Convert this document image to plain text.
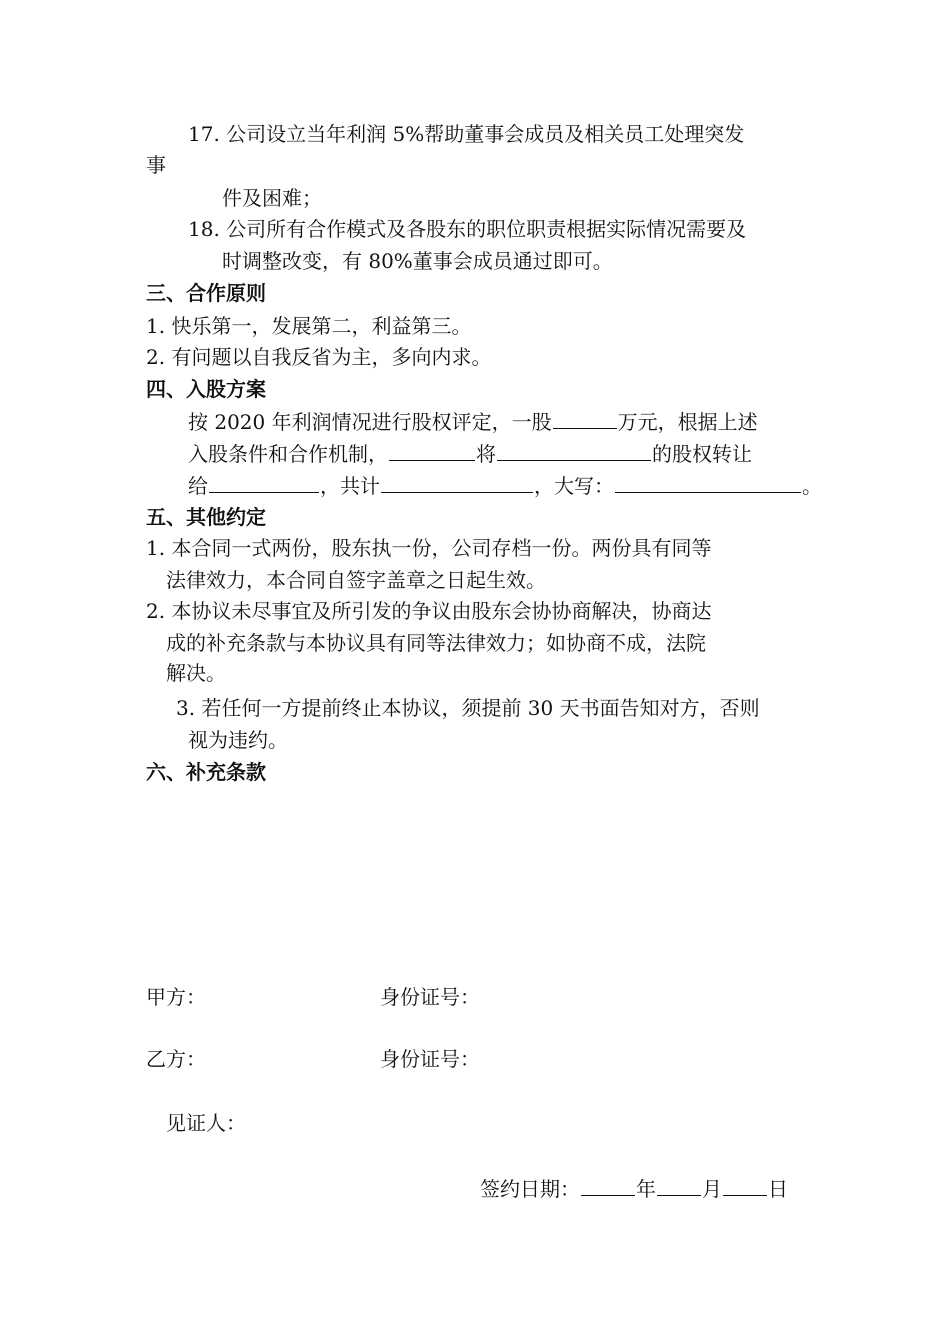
17. 公司设立当年利润 5%帮助董事会成员及相关员工处理突发
事
件及困难；
18. 公司所有合作模式及各股东的职位职责根据实际情况需要及
时调整改变，有 80%董事会成员通过即可。
三、合作原则
1. 快乐第一，发展第二，利益第三。
2. 有问题以自我反省为主，多向内求。
四、入股方案
按 2020 年利润情况进行股权评定，一股	万元，根据上述
入股条件和合作机制，	将	的股权转让
给	，共计	，大写：	。
五、其他约定
1. 本合同一式两份，股东执一份，公司存档一份。两份具有同等
法律效力，本合同自签字盖章之日起生效。
2. 本协议未尽事宜及所引发的争议由股东会协协商解决，协商达
成的补充条款与本协议具有同等法律效力；如协商不成，法院
解决。
3. 若任何一方提前终止本协议，须提前 30 天书面告知对方，否则
视为违约。
六、补充条款
甲方：	身份证号：
乙方：	身份证号：
见证人：
签约日期：	年 月 日
